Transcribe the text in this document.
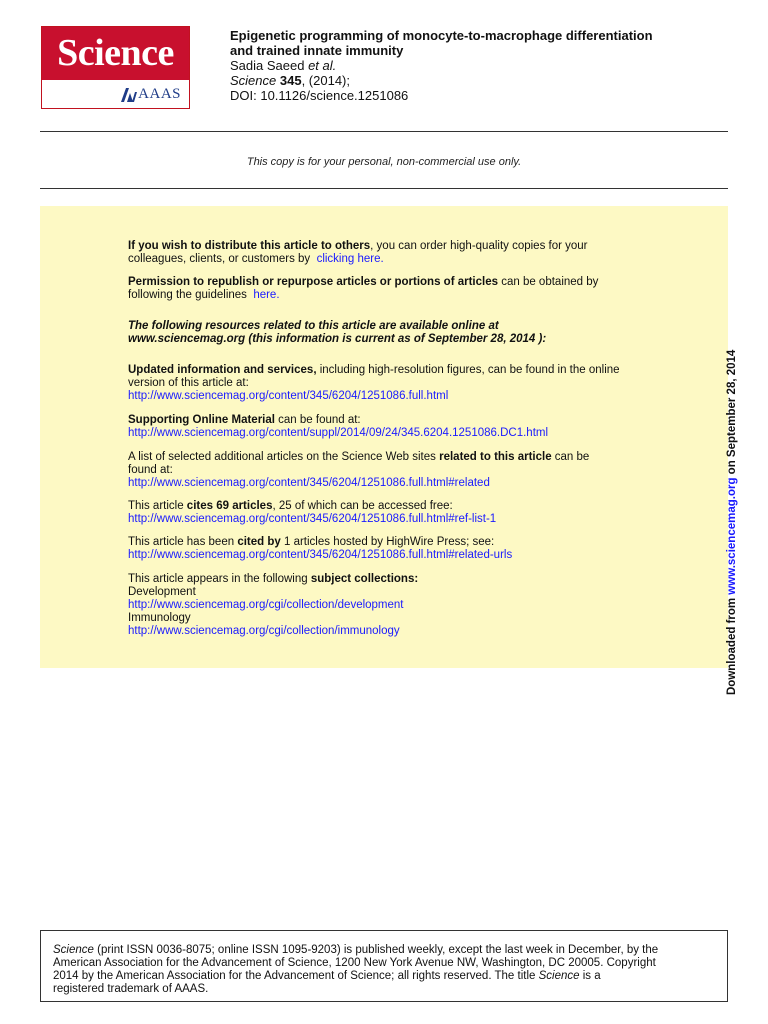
Science
AAAS
Epigenetic programming of monocyte-to-macrophage differentiation
and trained innate immunity
Sadia Saeed et al.
Science 345, (2014);
DOI: 10.1126/science.1251086
This copy is for your personal, non-commercial use only.

If you wish to distribute this article to others, you can order high-quality copies for your

colleagues, clients, or customers by clicking here.

Permission to republish or repurpose articles or portions of articles can be obtained by

following the guidelines here.

The following resources related to this article are available online at

www.sciencemag.org (this information is current as of September 28, 2014 ):

Updated information and services, including high-resolution figures, can be found in the online

version of this article at:

http://www.sciencemag.org/content/345/6204/1251086.full.html

Supporting Online Material can be found at:

http://www.sciencemag.org/content/suppl/2014/09/24/345.6204.1251086.DC1.html

A list of selected additional articles on the Science Web sites related to this article can be

found at:

http://www.sciencemag.org/content/345/6204/1251086.full.html#related

This article cites 69 articles, 25 of which can be accessed free:

http://www.sciencemag.org/content/345/6204/1251086.full.html#ref-list-1

This article has been cited by 1 articles hosted by HighWire Press; see:

http://www.sciencemag.org/content/345/6204/1251086.full.html#related-urls

This article appears in the following subject collections:

Development

http://www.sciencemag.org/cgi/collection/development

Immunology

http://www.sciencemag.org/cgi/collection/immunology	Downloaded from www.sciencemag.org on September 28, 2014
Science (print ISSN 0036-8075; online ISSN 1095-9203) is published weekly, except the last week in December, by the
American Association for the Advancement of Science, 1200 New York Avenue NW, Washington, DC 20005. Copyright
2014 by the American Association for the Advancement of Science; all rights reserved. The title Science is a
registered trademark of AAAS.
